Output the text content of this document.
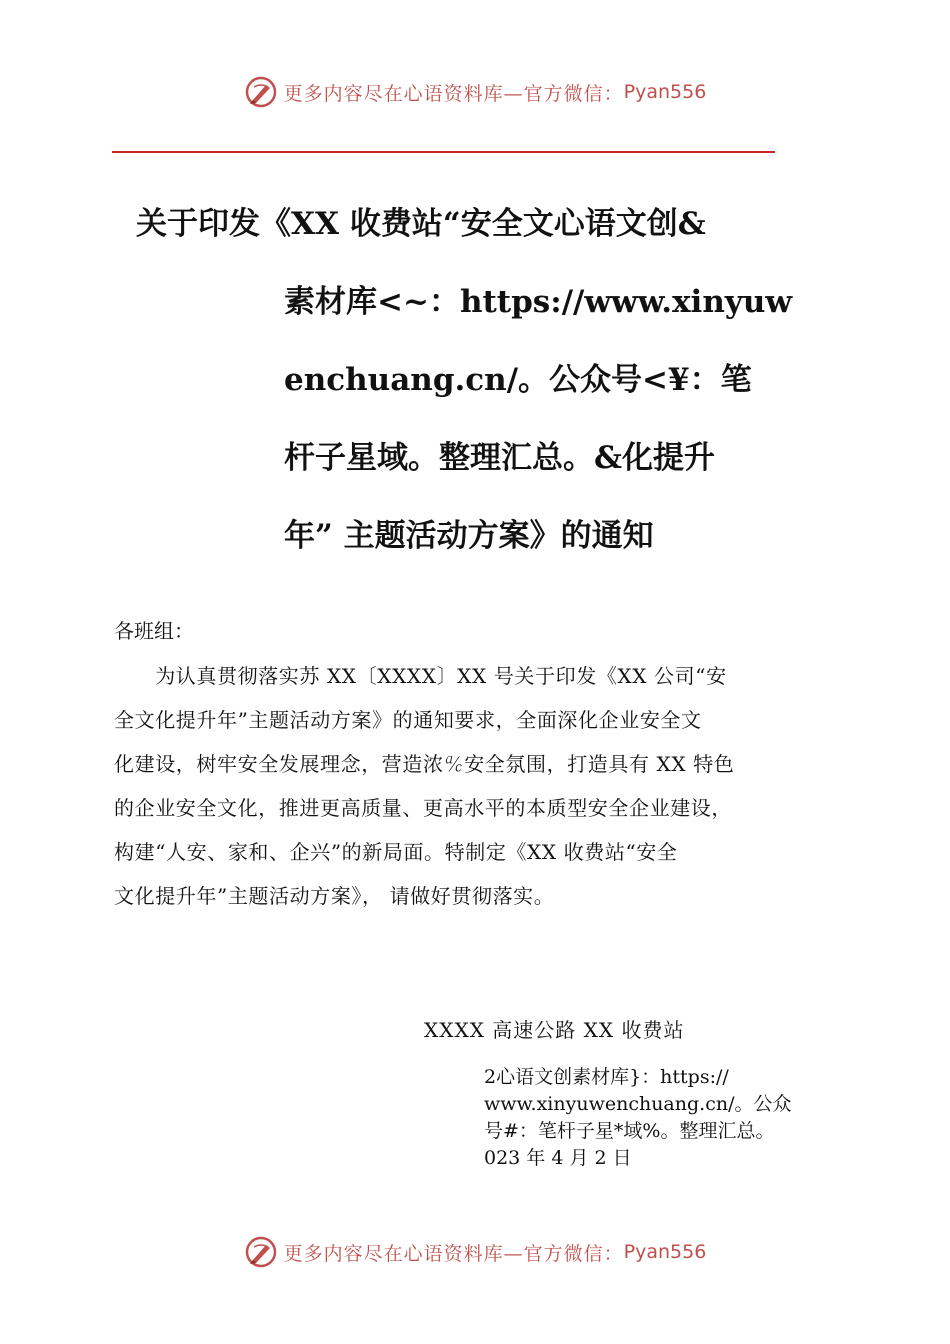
更多内容尽在心语资料库—官方微信： Pyan556
关于印发《XX 收费站“安全文心语文创&
素材库<~：https://www.xinyuw
enchuang.cn/。公众号<¥：笔
杆子星域。整理汇总。&化提升
年” 主题活动方案》的通知
各班组：
　　为认真贯彻落实苏 XX〔XXXX〕XX 号关于印发《XX 公司“安
全文化提升年”主题活动方案》的通知要求，全面深化企业安全文
化建设，树牢安全发展理念，营造浓℀安全氛围，打造具有 XX 特色
的企业安全文化，推进更高质量、更高水平的本质型安全企业建设，
构建“人安、家和、企兴”的新局面。特制定《XX 收费站“安全
文化提升年”主题活动方案》， 请做好贯彻落实。
XXXX 高速公路 XX 收费站
2心语文创素材库}：https://
www.xinyuwenchuang.cn/。公众
号#：笔杆子星*域%。整理汇总。
023 年 4 月 2 日
更多内容尽在心语资料库—官方微信： Pyan556
